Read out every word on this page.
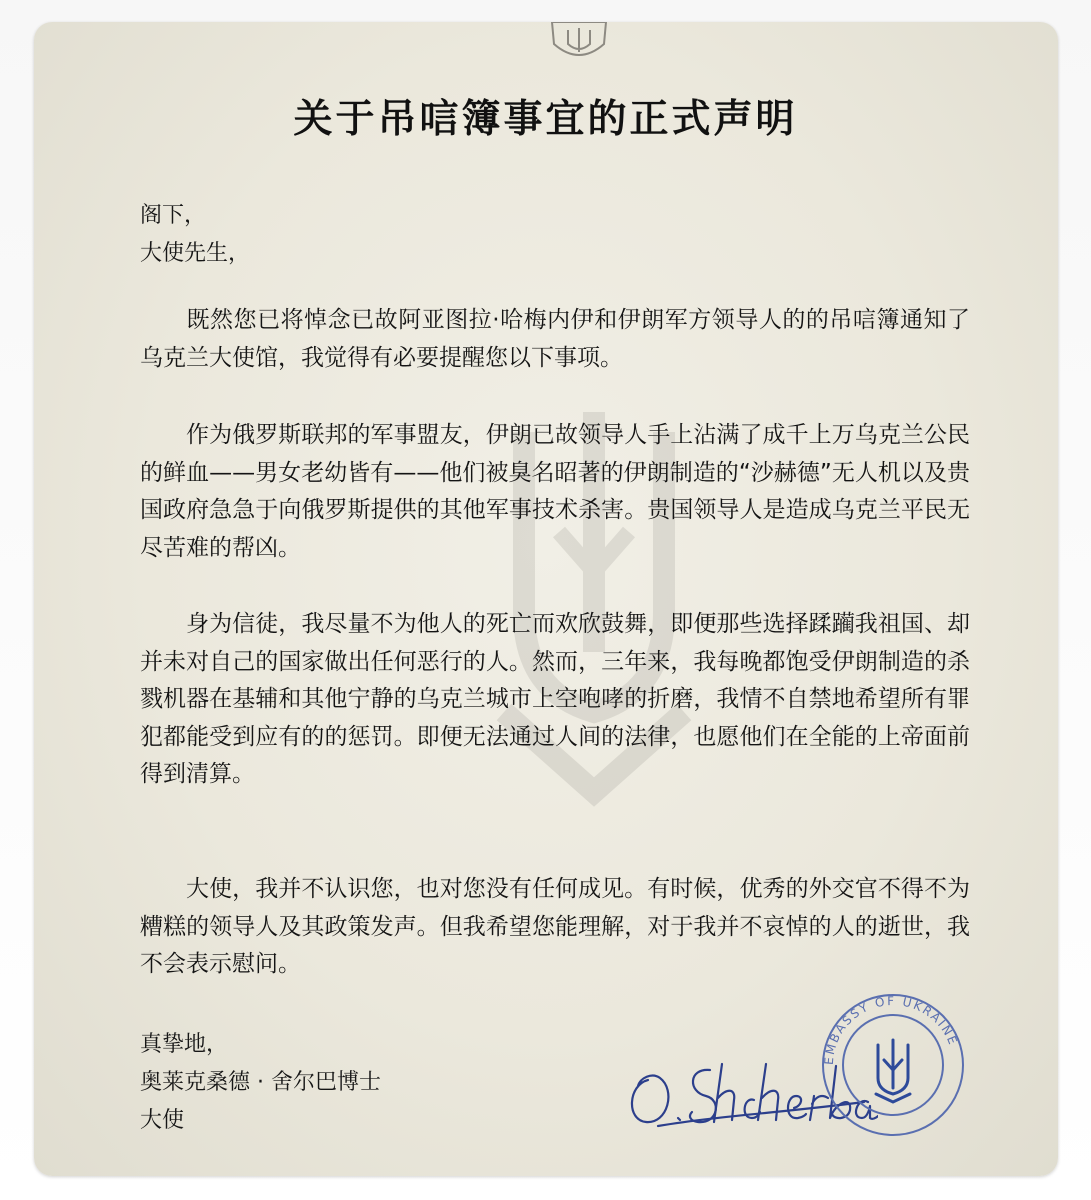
关于吊唁簿事宜的正式声明
阁下，
大使先生，

既然您已将悼念已故阿亚图拉·哈梅内伊和伊朗军方领导人的的吊唁簿通知了乌克兰大使馆，我觉得有必要提醒您以下事项。

作为俄罗斯联邦的军事盟友，伊朗已故领导人手上沾满了成千上万乌克兰公民的鲜血——男女老幼皆有——他们被臭名昭著的伊朗制造的“沙赫德”无人机以及贵国政府急急于向俄罗斯提供的其他军事技术杀害。贵国领导人是造成乌克兰平民无尽苦难的帮凶。

身为信徒，我尽量不为他人的死亡而欢欣鼓舞，即便那些选择蹂躏我祖国、却并未对自己的国家做出任何恶行的人。然而，三年来，我每晚都饱受伊朗制造的杀戮机器在基辅和其他宁静的乌克兰城市上空咆哮的折磨，我情不自禁地希望所有罪犯都能受到应有的的惩罚。即便无法通过人间的法律，也愿他们在全能的上帝面前得到清算。

大使，我并不认识您，也对您没有任何成见。有时候，优秀的外交官不得不为糟糕的领导人及其政策发声。但我希望您能理解，对于我并不哀悼的人的逝世，我不会表示慰问。

真挚地，
奥莱克桑德 · 舍尔巴博士
大使
EMBASSY OF UKRAINE
